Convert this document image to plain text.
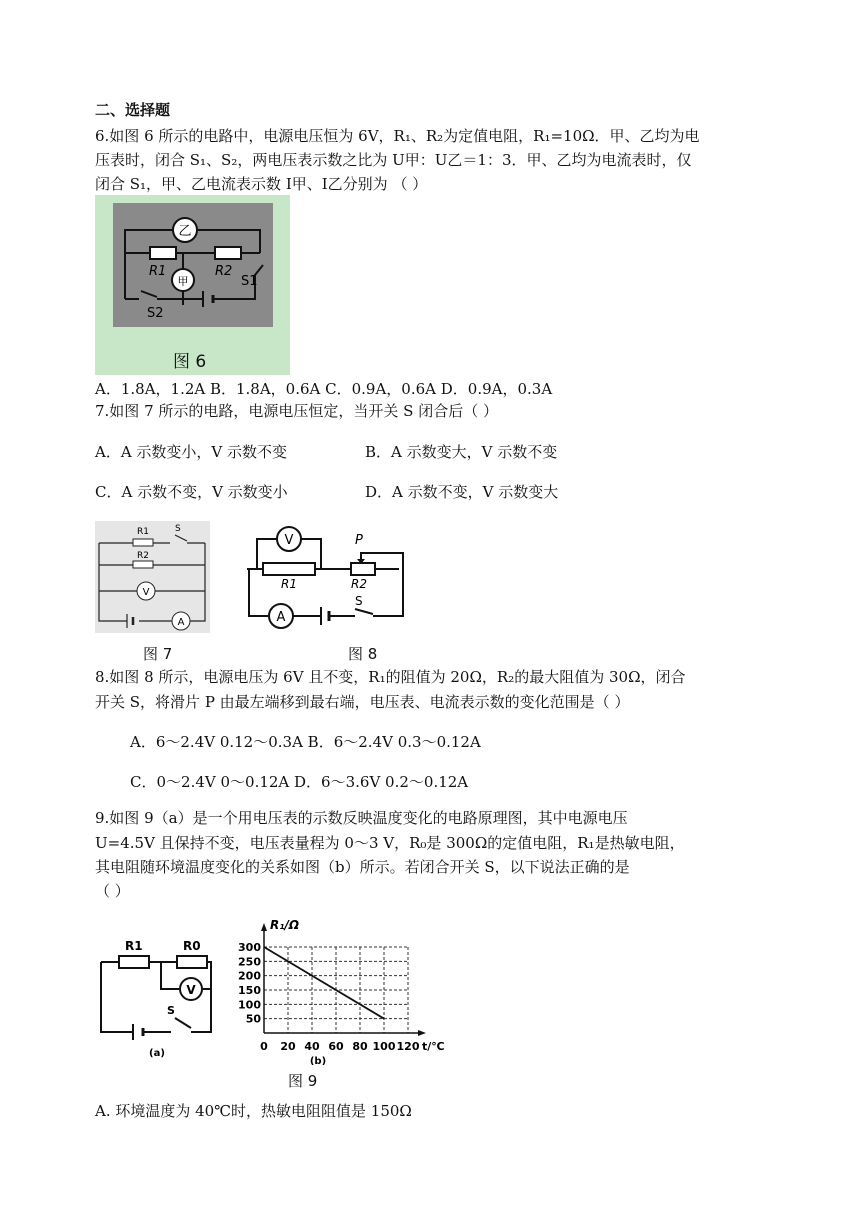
二、选择题
6.如图 6 所示的电路中，电源电压恒为 6V，R₁、R₂为定值电阻，R₁=10Ω．甲、乙均为电
压表时，闭合 S₁、S₂，两电压表示数之比为 U甲：U乙＝1：3．甲、乙均为电流表时，仅
闭合 S₁，甲、乙电流表示数 I甲、I乙分别为 （ ）
乙
甲
R1	R2
S1
S2
图 6
A．1.8A，1.2A B．1.8A，0.6A C．0.9A，0.6A D．0.9A，0.3A
7.如图 7 所示的电路，电源电压恒定，当开关 S 闭合后（ ）
A．A 示数变小，V 示数不变	B．A 示数变大，V 示数不变
C．A 示数不变，V 示数变小	D．A 示数不变，V 示数变大
R1	S
R2
V
A
图 7
V	P
R1	R2
A
S
图 8
8.如图 8 所示，电源电压为 6V 且不变，R₁的阻值为 20Ω，R₂的最大阻值为 30Ω，闭合
开关 S，将滑片 P 由最左端移到最右端，电压表、电流表示数的变化范围是（ ）
A．6～2.4V 0.12～0.3A B．6～2.4V 0.3～0.12A
C．0～2.4V 0～0.12A D．6～3.6V 0.2～0.12A
9.如图 9（a）是一个用电压表的示数反映温度变化的电路原理图，其中电源电压
U=4.5V 且保持不变，电压表量程为 0～3 V，R₀是 300Ω的定值电阻，R₁是热敏电阻，
其电阻随环境温度变化的关系如图（b）所示。若闭合开关 S，以下说法正确的是
（ ）
R1	R0
V
S
(a)
R₁/Ω
t/℃
(b)
50
100
150
200
250
300
0 20 40 60 80 100 120
图 9
A. 环境温度为 40℃时，热敏电阻阻值是 150Ω
